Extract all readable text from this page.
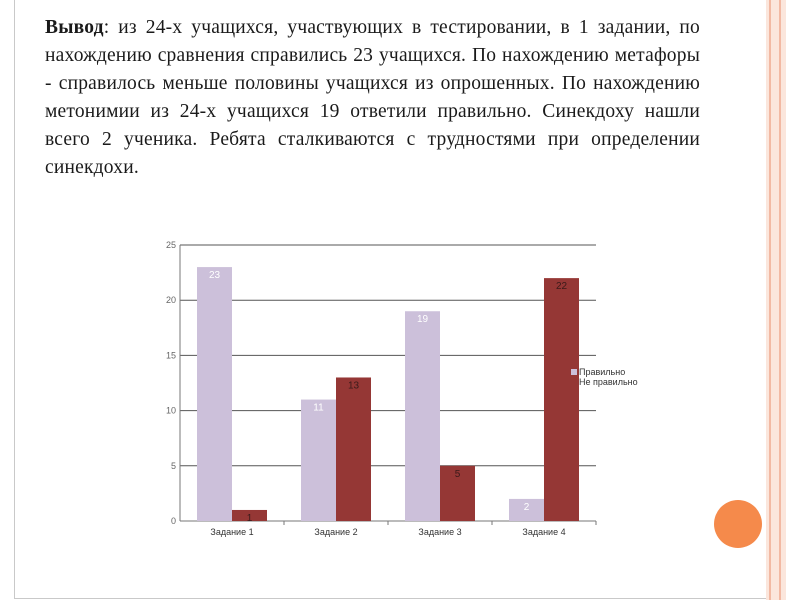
Вывод: из 24-х учащихся, участвующих в тестировании, в 1 задании, по нахождению сравнения справились 23 учащихся. По нахождению метафоры - справилось меньше половины учащихся из опрошенных. По нахождению метонимии из 24-х учащихся 19 ответили правильно. Синекдоху нашли всего 2 ученика. Ребята сталкиваются с трудностями при определении синекдохи.
0
5
10
15
20
25
23
1
Задание 1
11
13
Задание 2
19
5
Задание 3
2
22
Задание 4
Правильно
Не правильно
